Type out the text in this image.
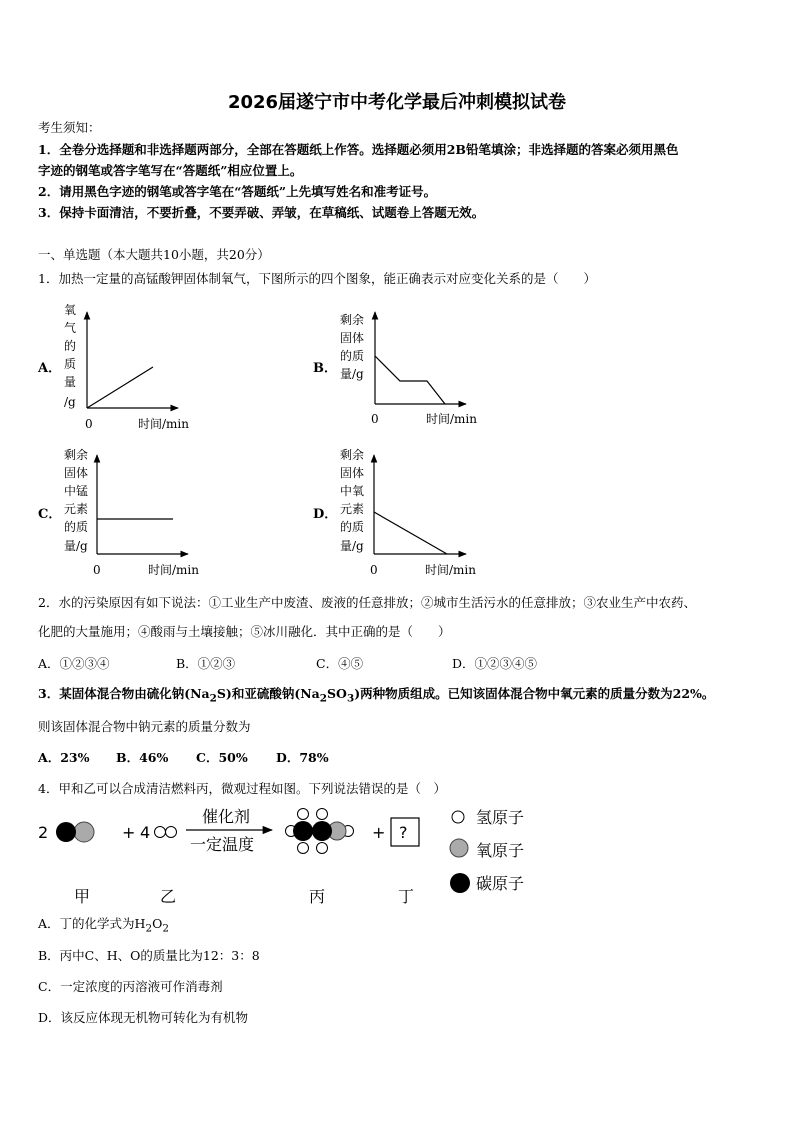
2026届遂宁市中考化学最后冲刺模拟试卷
考生须知：
1．全卷分选择题和非选择题两部分，全部在答题纸上作答。选择题必须用2B铅笔填涂；非选择题的答案必须用黑色
字迹的钢笔或答字笔写在“答题纸”相应位置上。
2．请用黑色字迹的钢笔或答字笔在“答题纸”上先填写姓名和准考证号。
3．保持卡面清洁，不要折叠，不要弄破、弄皱，在草稿纸、试题卷上答题无效。
一、单选题（本大题共10小题，共20分）
1．加热一定量的高锰酸钾固体制氧气，下图所示的四个图象，能正确表示对应变化关系的是（　　）
A．
氧
气
的
质
量
/g
0	时间/min
B．
剩余
固体
的质
量/g
0	时间/min
C．
剩余
固体
中锰
元素
的质
量/g
0	时间/min
D．
剩余
固体
中氧
元素
的质
量/g
0	时间/min
2．水的污染原因有如下说法：①工业生产中废渣、废液的任意排放；②城市生活污水的任意排放；③农业生产中农药、
化肥的大量施用；④酸雨与土壤接触；⑤冰川融化．其中正确的是（　　）
A．①②③④	B．①②③	C．④⑤	D．①②③④⑤
3．某固体混合物由硫化钠$(Na_2S)$和亚硫酸钠$(Na_2SO_3)$两种物质组成。已知该固体混合物中氧元素的质量分数为22%。
则该固体混合物中钠元素的质量分数为
A．23% B．46% C．50% D．78%
4．甲和乙可以合成清洁燃料丙，微观过程如图。下列说法错误的是（　）
2	+ 4
催化剂
一定温度
+ ?
氢原子
氧原子
碳原子
甲	乙	丙	丁
A．丁的化学式为$H_2O_2$
B．丙中C、H、O的质量比为12：3：8
C．一定浓度的丙溶液可作消毒剂
D．该反应体现无机物可转化为有机物
